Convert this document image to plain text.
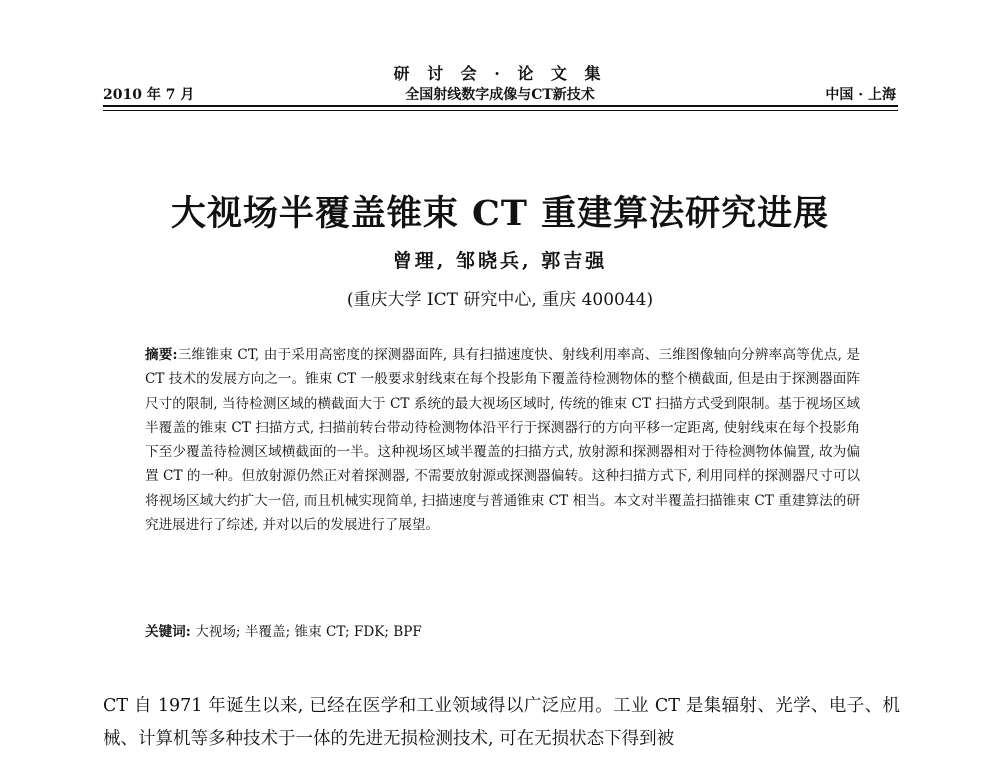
研 讨 会 · 论 文 集
2010 年 7 月	全国射线数字成像与CT新技术	中国 · 上海
大视场半覆盖锥束 CT 重建算法研究进展
曾理, 邹晓兵, 郭吉强
(重庆大学 ICT 研究中心, 重庆 400044)
摘要:三维锥束 CT, 由于采用高密度的探测器面阵, 具有扫描速度快、射线利用率高、三维图像轴向分辨率高等优点, 是 CT 技术的发展方向之一。锥束 CT 一般要求射线束在每个投影角下覆盖待检测物体的整个横截面, 但是由于探测器面阵尺寸的限制, 当待检测区域的横截面大于 CT 系统的最大视场区域时, 传统的锥束 CT 扫描方式受到限制。基于视场区域半覆盖的锥束 CT 扫描方式, 扫描前转台带动待检测物体沿平行于探测器行的方向平移一定距离, 使射线束在每个投影角下至少覆盖待检测区域横截面的一半。这种视场区域半覆盖的扫描方式, 放射源和探测器相对于待检测物体偏置, 故为偏置 CT 的一种。但放射源仍然正对着探测器, 不需要放射源或探测器偏转。这种扫描方式下, 利用同样的探测器尺寸可以将视场区域大约扩大一倍, 而且机械实现简单, 扫描速度与普通锥束 CT 相当。本文对半覆盖扫描锥束 CT 重建算法的研究进展进行了综述, 并对以后的发展进行了展望。
关键词: 大视场; 半覆盖; 锥束 CT; FDK; BPF
CT 自 1971 年诞生以来, 已经在医学和工业领域得以广泛应用。工业 CT 是集辐射、光学、电子、机械、计算机等多种技术于一体的先进无损检测技术, 可在无损状态下得到被
